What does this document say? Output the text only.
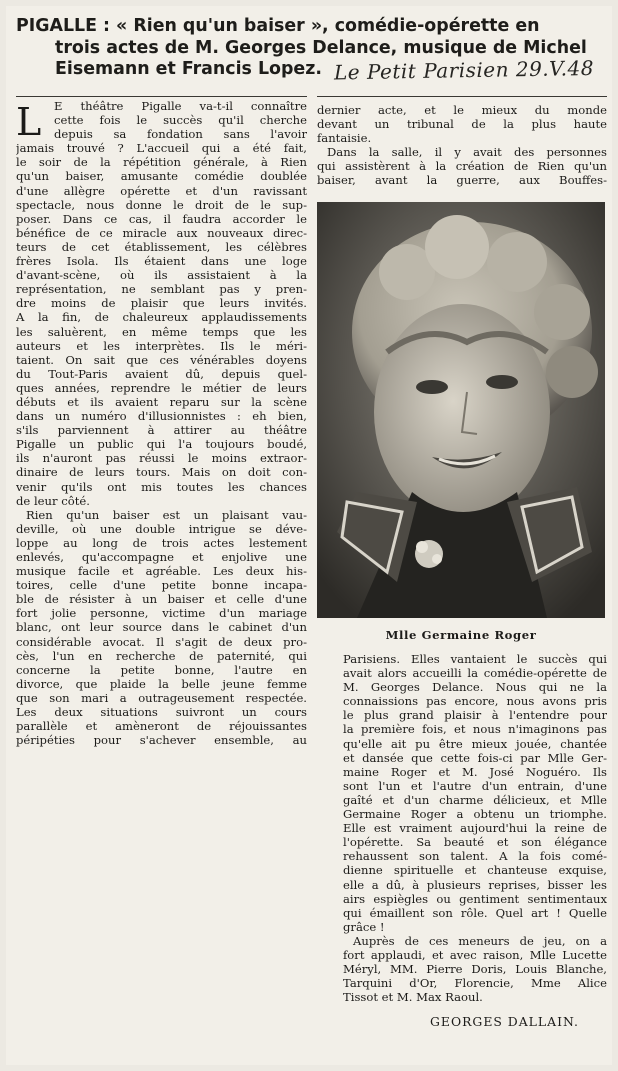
PIGALLE : « Rien qu'un baiser », comédie-opérette en
trois actes de M. Georges Delance, musique de Michel
Eisemann et Francis Lopez. Le Petit Parisien 29.V.48
L	E théâtre Pigalle va-t-il connaître
cette fois le succès qu'il cherche
depuis sa fondation sans l'avoir
jamais trouvé ? L'accueil qui a été fait,
le soir de la répétition générale, à Rien
qu'un baiser, amusante comédie doublée
d'une allègre opérette et d'un ravissant
spectacle, nous donne le droit de le sup-
poser. Dans ce cas, il faudra accorder le
bénéfice de ce miracle aux nouveaux direc-
teurs de cet établissement, les célèbres
frères Isola. Ils étaient dans une loge
d'avant-scène, où ils assistaient à la
représentation, ne semblant pas y pren-
dre moins de plaisir que leurs invités.
A la fin, de chaleureux applaudissements
les saluèrent, en même temps que les
auteurs et les interprètes. Ils le méri-
taient. On sait que ces vénérables doyens
du Tout-Paris avaient dû, depuis quel-
ques années, reprendre le métier de leurs
débuts et ils avaient reparu sur la scène
dans un numéro d'illusionnistes : eh bien,
s'ils parviennent à attirer au théâtre
Pigalle un public qui l'a toujours boudé,
ils n'auront pas réussi le moins extraor-
dinaire de leurs tours. Mais on doit con-
venir qu'ils ont mis toutes les chances
de leur côté.
Rien qu'un baiser est un plaisant vau-
deville, où une double intrigue se déve-
loppe au long de trois actes lestement
enlevés, qu'accompagne et enjolive une
musique facile et agréable. Les deux his-
toires, celle d'une petite bonne incapa-
ble de résister à un baiser et celle d'une
fort jolie personne, victime d'un mariage
blanc, ont leur source dans le cabinet d'un
considérable avocat. Il s'agit de deux pro-
cès, l'un en recherche de paternité, qui
concerne la petite bonne, l'autre en
divorce, que plaide la belle jeune femme
que son mari a outrageusement respectée.
Les deux situations suivront un cours
parallèle et amèneront de réjouissantes
péripéties pour s'achever ensemble, au
dernier acte, et le mieux du monde
devant un tribunal de la plus haute
fantaisie.
Dans la salle, il y avait des personnes
qui assistèrent à la création de Rien qu'un
baiser, avant la guerre, aux Bouffes-
Mlle Germaine Roger
Parisiens. Elles vantaient le succès qui
avait alors accueilli la comédie-opérette de
M. Georges Delance. Nous qui ne la
connaissions pas encore, nous avons pris
le plus grand plaisir à l'entendre pour
la première fois, et nous n'imaginons pas
qu'elle ait pu être mieux jouée, chantée
et dansée que cette fois-ci par Mlle Ger-
maine Roger et M. José Noguéro. Ils
sont l'un et l'autre d'un entrain, d'une
gaîté et d'un charme délicieux, et Mlle
Germaine Roger a obtenu un triomphe.
Elle est vraiment aujourd'hui la reine de
l'opérette. Sa beauté et son élégance
rehaussent son talent. A la fois comé-
dienne spirituelle et chanteuse exquise,
elle a dû, à plusieurs reprises, bisser les
airs espiègles ou gentiment sentimentaux
qui émaillent son rôle. Quel art ! Quelle
grâce !
Auprès de ces meneurs de jeu, on a
fort applaudi, et avec raison, Mlle Lucette
Méryl, MM. Pierre Doris, Louis Blanche,
Tarquini d'Or, Florencie, Mme Alice
Tissot et M. Max Raoul.
GEORGES DALLAIN.
